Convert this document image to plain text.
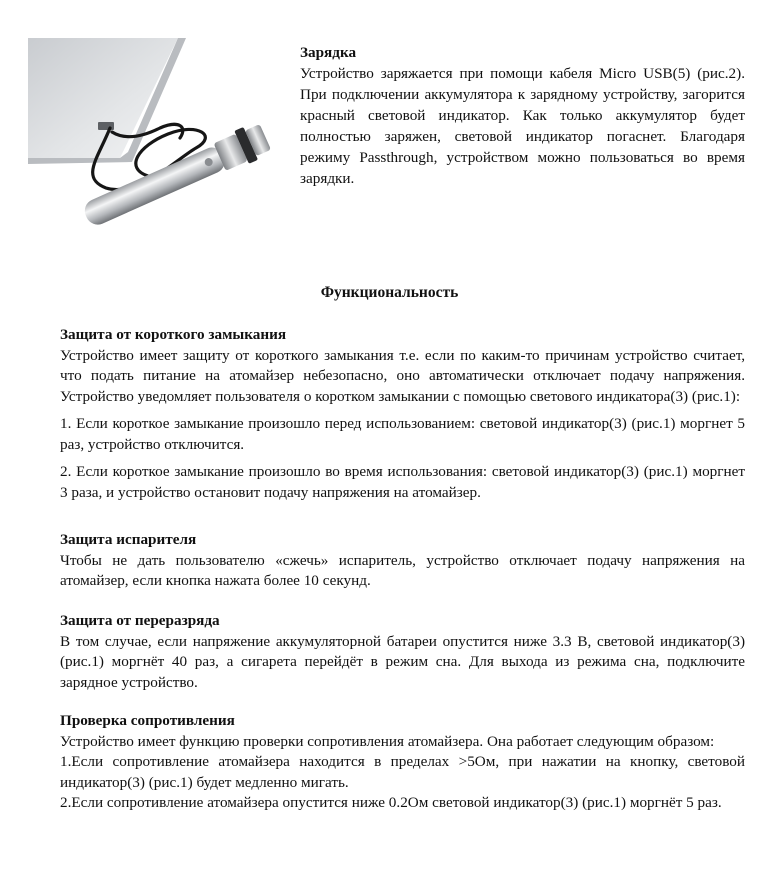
Зарядка
Устройство заряжается при помощи кабеля Micro USB(5) (рис.2). При подключении аккумулятора к зарядному устройству, загорится красный световой индикатор. Как только аккумулятор будет полностью заряжен, световой индикатор погаснет. Благодаря режиму Passthrough, устройством можно пользоваться во время зарядки.
Функциональность
Защита от короткого замыкания
Устройство имеет защиту от короткого замыкания т.е. если по каким-то причинам устройство считает, что подать питание на атомайзер небезопасно, оно автоматически отключает подачу напряжения. Устройство уведомляет пользователя о коротком замыкании с помощью светового индикатора(3) (рис.1):
1. Если короткое замыкание произошло перед использованием: световой индикатор(3) (рис.1) моргнет 5 раз, устройство отключится.
2. Если короткое замыкание произошло во время использования: световой индикатор(3) (рис.1) моргнет 3 раза, и устройство остановит подачу напряжения на атомайзер.
Защита испарителя
Чтобы не дать пользователю «сжечь» испаритель, устройство отключает подачу напряжения на атомайзер, если кнопка нажата более 10 секунд.
Защита от переразряда
В том случае, если напряжение аккумуляторной батареи опустится ниже 3.3 В, световой индикатор(3) (рис.1) моргнёт 40 раз, а сигарета перейдёт в режим сна. Для выхода из режима сна, подключите зарядное устройство.
Проверка сопротивления
Устройство имеет функцию проверки сопротивления атомайзера. Она работает следующим образом:
1.Если сопротивление атомайзера находится в пределах >5Ом, при нажатии на кнопку, световой индикатор(3) (рис.1) будет медленно мигать.
2.Если сопротивление атомайзера опустится ниже 0.2Ом световой индикатор(3) (рис.1) моргнёт 5 раз.
